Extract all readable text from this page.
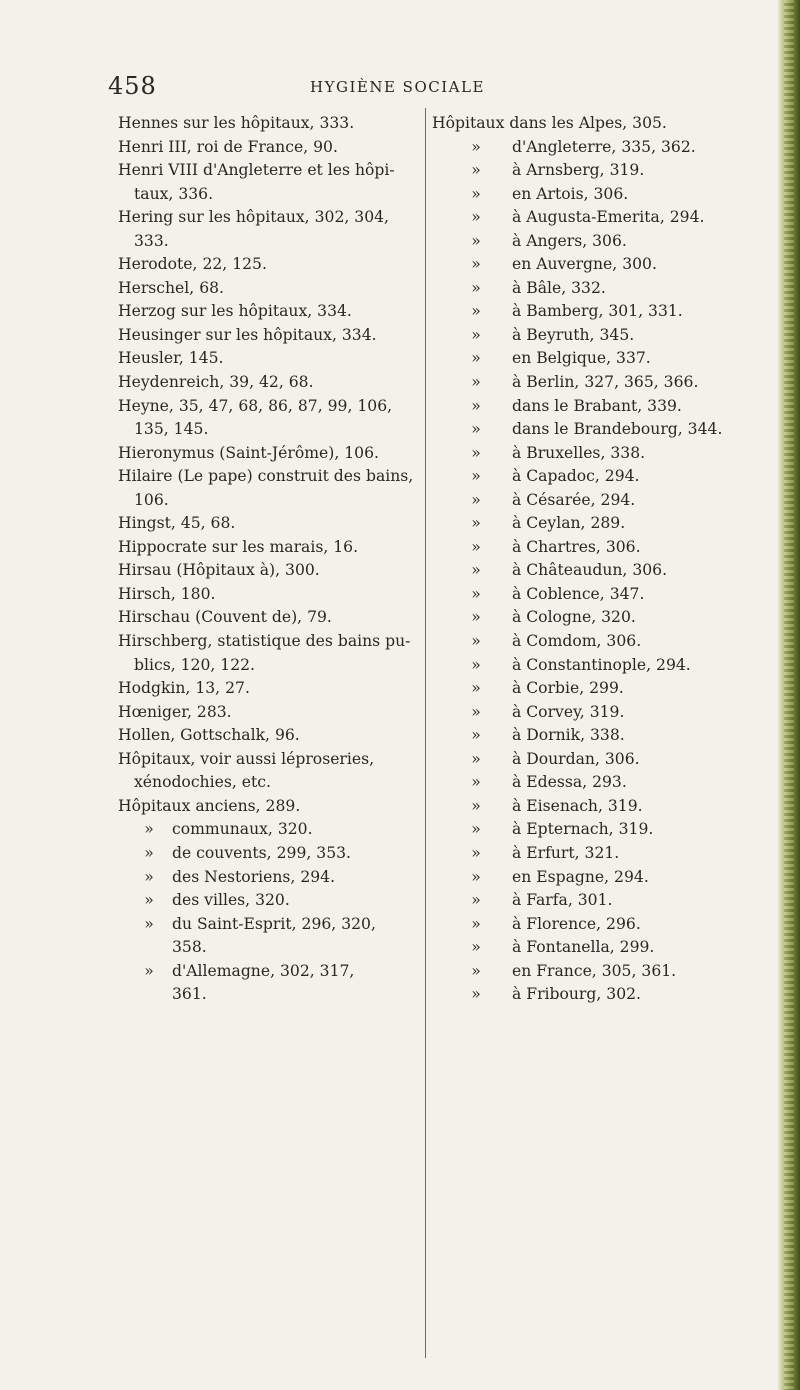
458	HYGIÈNE SOCIALE
Hennes sur les hôpitaux, 333.
Henri III, roi de France, 90.
Henri VIII d'Angleterre et les hôpi-
taux, 336.
Hering sur les hôpitaux, 302, 304,
333.
Herodote, 22, 125.
Herschel, 68.
Herzog sur les hôpitaux, 334.
Heusinger sur les hôpitaux, 334.
Heusler, 145.
Heydenreich, 39, 42, 68.
Heyne, 35, 47, 68, 86, 87, 99, 106,
135, 145.
Hieronymus (Saint-Jérôme), 106.
Hilaire (Le pape) construit des bains,
106.
Hingst, 45, 68.
Hippocrate sur les marais, 16.
Hirsau (Hôpitaux à), 300.
Hirsch, 180.
Hirschau (Couvent de), 79.
Hirschberg, statistique des bains pu-
blics, 120, 122.
Hodgkin, 13, 27.
Hœniger, 283.
Hollen, Gottschalk, 96.
Hôpitaux, voir aussi léproseries,
xénodochies, etc.
Hôpitaux anciens, 289.
» communaux, 320.
» de couvents, 299, 353.
» des Nestoriens, 294.
» des villes, 320.
» du Saint-Esprit, 296, 320,
358.
» d'Allemagne, 302, 317,
361.
Hôpitaux dans les Alpes, 305.
» d'Angleterre, 335, 362.
» à Arnsberg, 319.
» en Artois, 306.
» à Augusta-Emerita, 294.
» à Angers, 306.
» en Auvergne, 300.
» à Bâle, 332.
» à Bamberg, 301, 331.
» à Beyruth, 345.
» en Belgique, 337.
» à Berlin, 327, 365, 366.
» dans le Brabant, 339.
» dans le Brandebourg, 344.
» à Bruxelles, 338.
» à Capadoc, 294.
» à Césarée, 294.
» à Ceylan, 289.
» à Chartres, 306.
» à Châteaudun, 306.
» à Coblence, 347.
» à Cologne, 320.
» à Comdom, 306.
» à Constantinople, 294.
» à Corbie, 299.
» à Corvey, 319.
» à Dornik, 338.
» à Dourdan, 306.
» à Edessa, 293.
» à Eisenach, 319.
» à Epternach, 319.
» à Erfurt, 321.
» en Espagne, 294.
» à Farfa, 301.
» à Florence, 296.
» à Fontanella, 299.
» en France, 305, 361.
» à Fribourg, 302.
